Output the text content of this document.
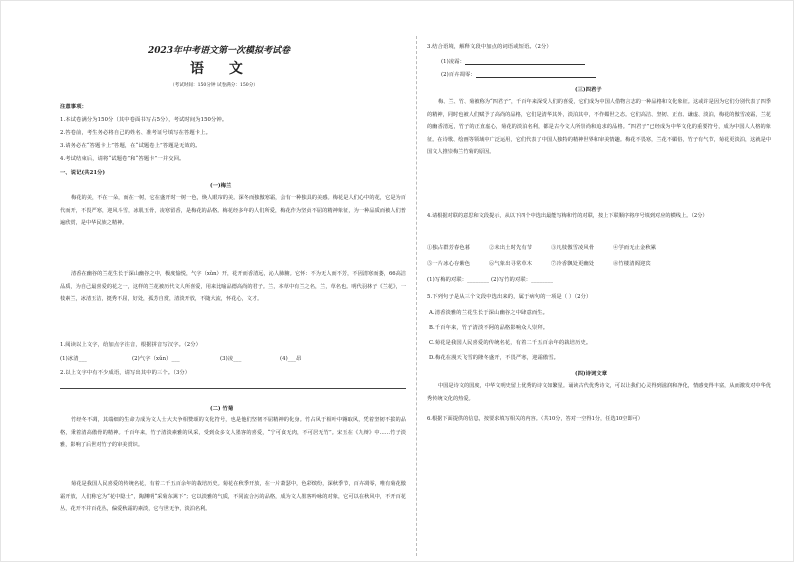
2023年中考语文第一次模拟考试卷
语 文
（考试时间：150分钟 试卷满分：150分）
注意事项：
1.本试卷满分为150分（其中卷面书写占5分），考试时间为150分钟。
2.答卷前，考生务必将自己的姓名、准考证号填写在答题卡上。
3.请务必在“答题卡上”答题，在“试题卷上”答题是无效的。
4.考试结束后，请将“试题卷”和“答题卡”一并交回。
一、说记(共21分)
(一)梅兰
梅花的美，不在一朵，而在一树，它在盛开时一树一色，焕人眼帘的美。深冬而独傲寒霜，会有一种独具的美感。梅花是人们心中的花，它是为百代而开，不畏严寒，迎风斗雪，冰肌玉骨，凌寒留香，是梅花的品格。梅花经多年的人们所爱，梅花作为坚贞不屈的精神象征，为一种品质而被人们普遍欣赏，是中华民族之精神。
清香在幽谷的兰花生长于深山幽谷之中，极度愉悦，气字（xǔn）开，花开而香清远，沁人肺腑。它怀：不为无人而不芳，不因清寒而萎，66高洁品质，为自己最喜爱的花之一，这样的兰花被历代文人所喜爱，用来比喻品德高尚的君子。兰，本草中有兰之名，兰，草名也。明代羽林子《兰花》，一枝素兰，冰清玉洁，挺秀不屈，好处，孤芳自赏，清淡开放，不随大流，怀花心，文才。
1.阅读以上文字，给加点字注音，根据拼音写汉字。（2分）
(1)冰清___	(2)气字（xǔn）___	(3)凌___	(4)___昂
2.以上文字中有不少成语，请写出其中的三个。（3分）
(二) 竹菊
竹经冬不凋，其端细的生命力成为文人士大夫争相赞颂的文化符号，也是他们坚韧不屈精神的化身。竹占风于相叶中翱取风，凭着坚韧不拔的品格，秉着清高傲骨的精神。千百年来，竹子清淡素雅的风采，受到众多文人墨客的喜爱，“宁可食无肉，不可居无竹”。宋玉在《九辩》中……竹子淡雅，影响了后世对竹子的审美赏识。
菊花是我国人民喜爱的传统名花，有着二千五百余年的栽培历史。菊花在秋季开放，在一片萧瑟中，色彩缤纷，深秋季节，百卉凋零，唯有菊花傲霜开放，人们称它为“花中隐士”，陶渊明“采菊东篱下”；它以淡雅的气质，不同流合污的品格，成为文人墨客吟咏的对象，它可以在秋风中，不开百花丛，花开不并百花丛，偏爱秋霜的素淡，它与世无争，淡泊名利。
3.结合语境，解释文段中加点的词语或短语。（2分）
(1)凌霜：
(2)百卉凋零：
(三)四君子
梅、兰、竹、菊被称为“四君子”，千百年来深受人们的喜爱，它们成为中国人借物言志的一种品格和文化象征。这或许是因为它们分别代表了四季的精神，同时也被人们赋予了高尚的品格，它们是清华其外，淡泊其中，不作媚世之态。它们高洁、坚韧、正直、谦虚、淡泊，梅花的傲雪凌霜，兰花的幽香清远，竹子的正直虚心，菊花的淡泊名利，都是古今文人所崇尚和追求的品格。“四君子”已经成为中华文化的重要符号，成为中国人人格的象征。在诗歌、绘画等领域中广泛运用，它们代表了中国人独特的精神世界和审美情趣。梅花不畏寒，兰花不媚俗，竹子有气节，菊花更淡泊，这就是中国文人推崇梅兰竹菊的原因。
4.请根据对联的意思和文段提示，从以下四个中选出最能写梅和竹的对联，按上下联顺序将序号填到对应的横线上。（2分）
①独占群芳春色暮	②未出土时先有节	③凡枝傲雪凌风骨	④学而无止金秋累
⑤一片冰心存紫色	⑥气象出寻常草木	⑦冷香飘处更幽处	⑧竹楼清阁迎宾
(1)写梅的对联：________ (2)写竹的对联：________
5.下列句子是从三个文段中选出来的，属于病句的一项是（ ）（2分）
A.清香淡雅的兰花生长于深山幽谷之中肆意而生。
B.千百年来，竹子清淡不阿的品格影响众人崇拜。
C.菊花是我国人民喜爱的传统名花，有着二千五百余年的栽培历史。
D.梅花在漫天飞雪的隆冬盛开，不畏严寒，迎霜傲雪。
(四)诗词文章
中国是诗文的国度，中华文明史留上优秀的诗文如繁星。诵读古代优秀诗文，可以让我们心灵得到滋润和净化，情感变得丰富，从而激发对中华优秀传统文化的热爱。
6.根据下面提供的信息，按要求填写相关的内容。（共10分，答对一空得1分，任选10空即可）
